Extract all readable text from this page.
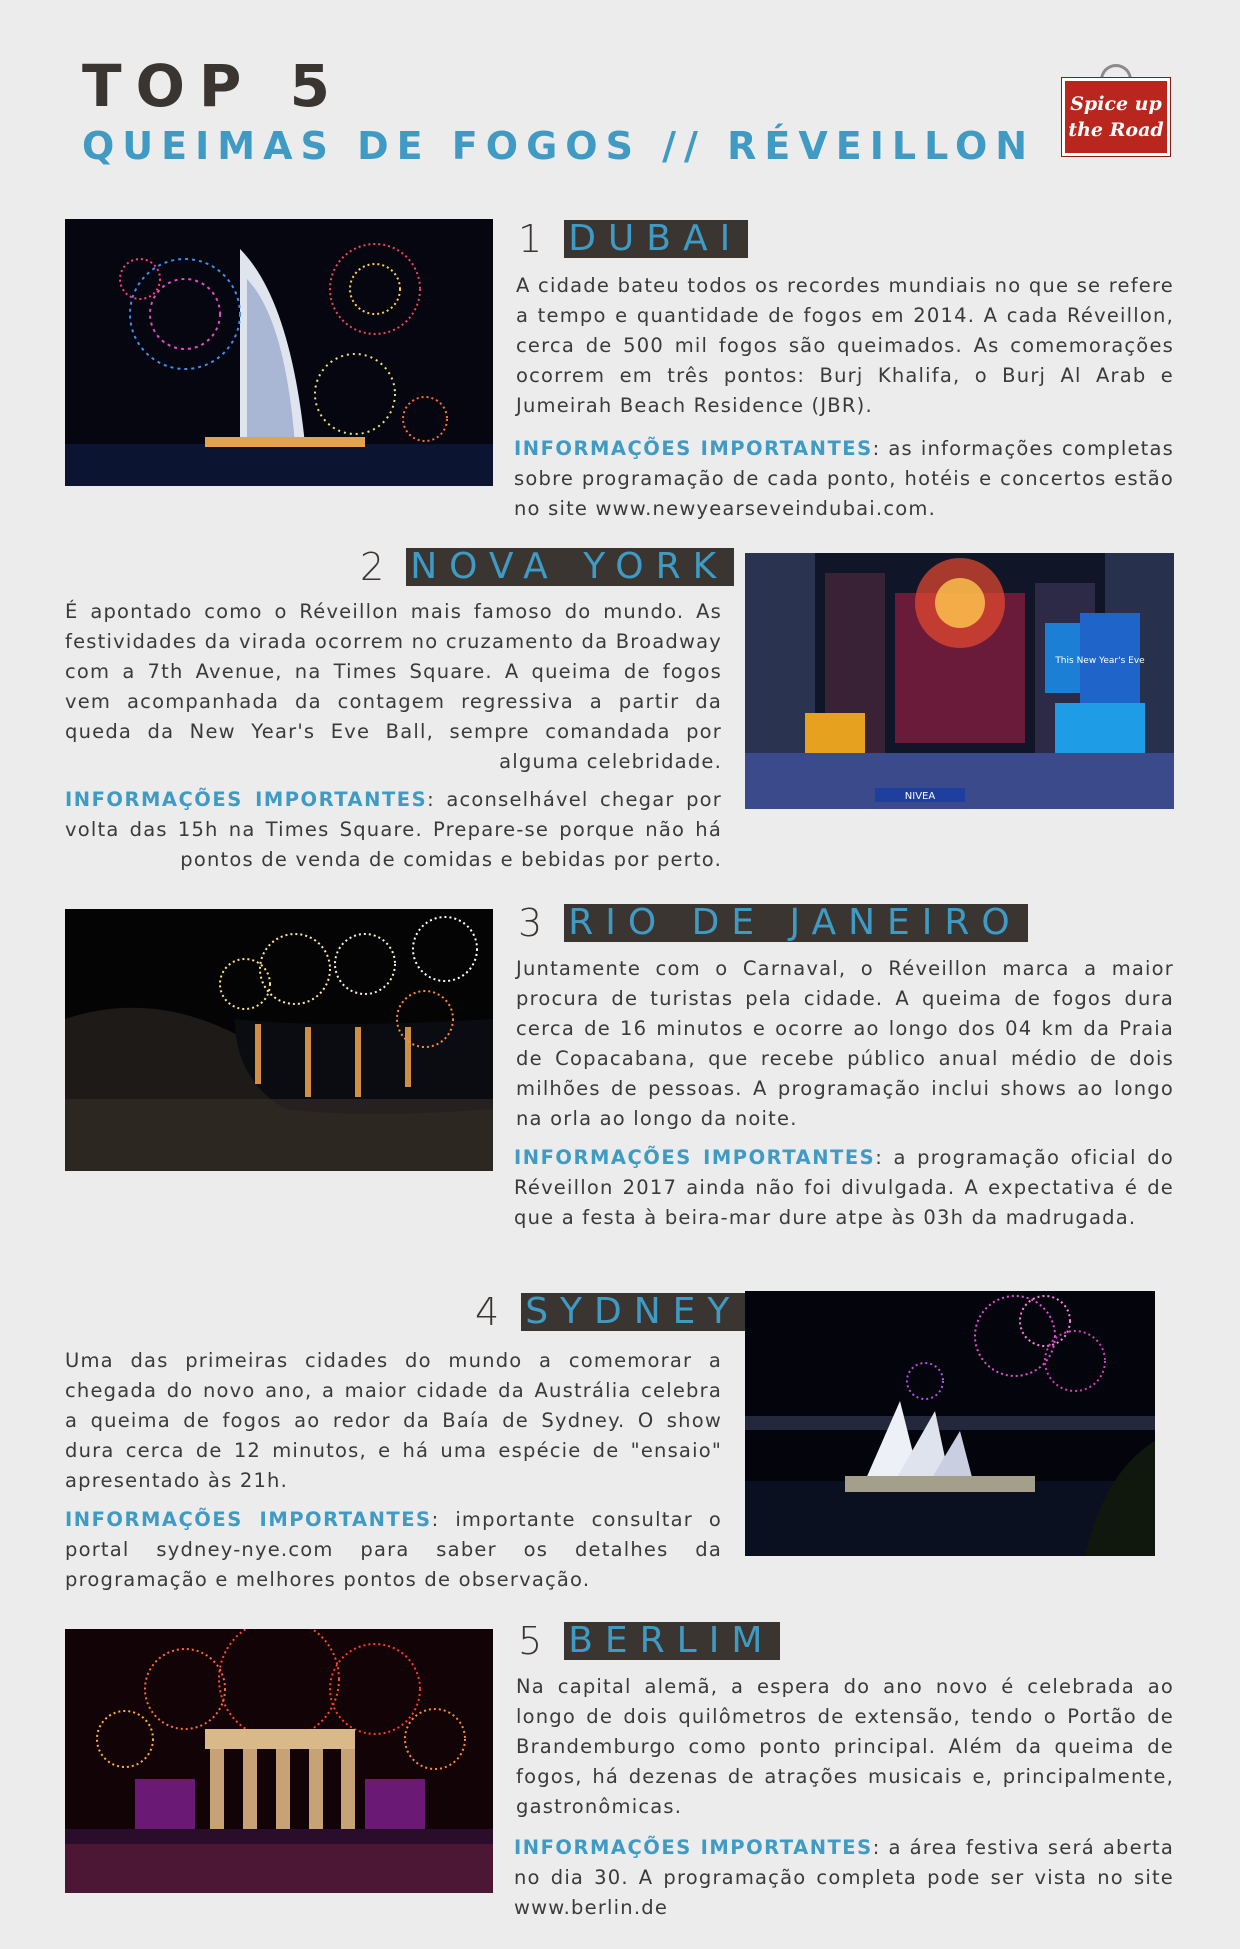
TOP 5
QUEIMAS DE FOGOS // RÉVEILLON
Spice up
the Road
1 DUBAI

A cidade bateu todos os recordes mundiais no que se refere a tempo e quantidade de fogos em 2014. A cada Réveillon, cerca de 500 mil fogos são queimados. As comemorações ocorrem em três pontos: Burj Khalifa, o Burj Al Arab e Jumeirah Beach Residence (JBR).

INFORMAÇÕES IMPORTANTES: as informações completas sobre programação de cada ponto, hotéis e concertos estão no site www.newyearseveindubai.com.

2 NOVA YORK

É apontado como o Réveillon mais famoso do mundo. As festividades da virada ocorrem no cruzamento da Broadway com a 7th Avenue, na Times Square. A queima de fogos vem acompanhada da contagem regressiva a partir da queda da New Year's Eve Ball, sempre comandada por alguma celebridade.

INFORMAÇÕES IMPORTANTES: aconselhável chegar por volta das 15h na Times Square. Prepare-se porque não há pontos de venda de comidas e bebidas por perto.

NIVEA
This New Year's Eve
3 RIO DE JANEIRO

Juntamente com o Carnaval, o Réveillon marca a maior procura de turistas pela cidade. A queima de fogos dura cerca de 16 minutos e ocorre ao longo dos 04 km da Praia de Copacabana, que recebe público anual médio de dois milhões de pessoas. A programação inclui shows ao longo na orla ao longo da noite.

INFORMAÇÕES IMPORTANTES: a programação oficial do Réveillon 2017 ainda não foi divulgada. A expectativa é de que a festa à beira-mar dure atpe às 03h da madrugada.

4 SYDNEY

Uma das primeiras cidades do mundo a comemorar a chegada do novo ano, a maior cidade da Austrália celebra a queima de fogos ao redor da Baía de Sydney. O show dura cerca de 12 minutos, e há uma espécie de "ensaio" apresentado às 21h.

INFORMAÇÕES IMPORTANTES: importante consultar o portal sydney-nye.com para saber os detalhes da programação e melhores pontos de observação.

5 BERLIM

Na capital alemã, a espera do ano novo é celebrada ao longo de dois quilômetros de extensão, tendo o Portão de Brandemburgo como ponto principal. Além da queima de fogos, há dezenas de atrações musicais e, principalmente, gastronômicas.

INFORMAÇÕES IMPORTANTES: a área festiva será aberta no dia 30. A programação completa pode ser vista no site www.berlin.de
